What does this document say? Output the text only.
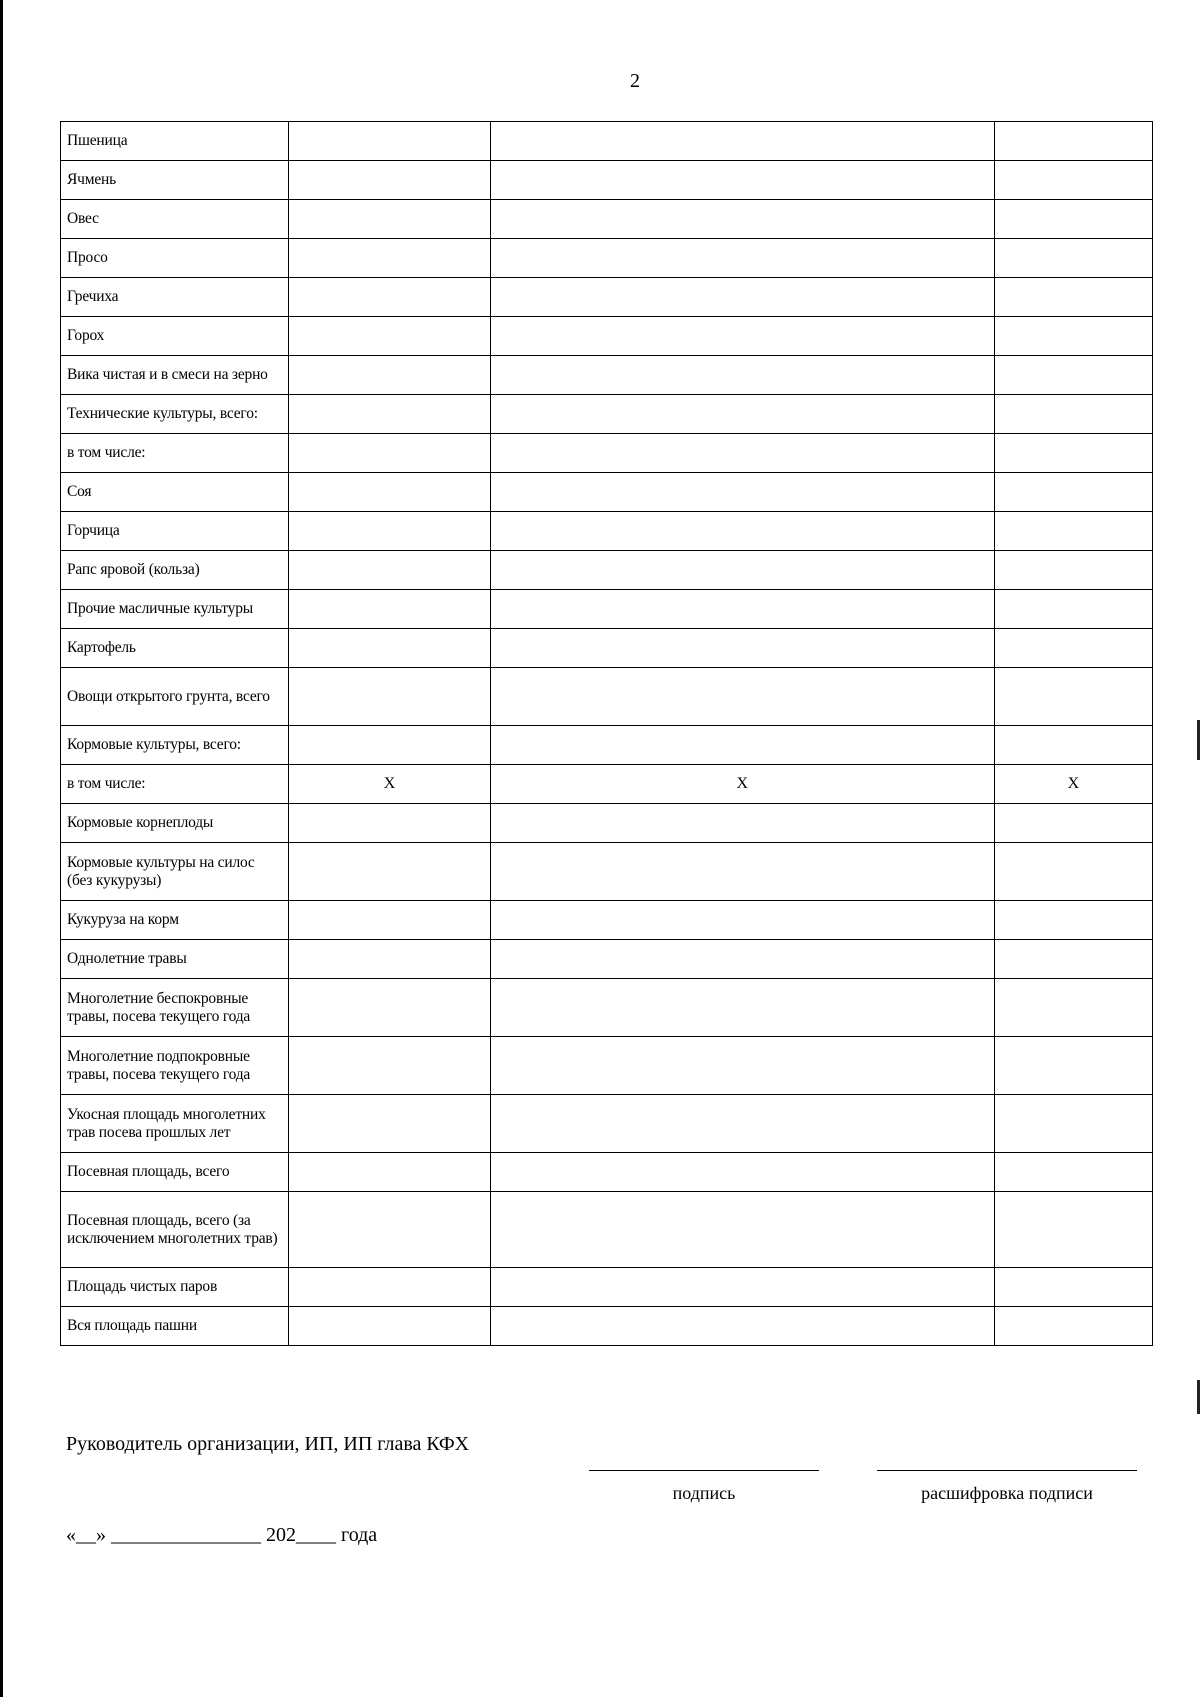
2
Пшеница			
Ячмень			
Овес			
Просо			
Гречиха			
Горох			
Вика чистая и в смеси на зерно			
Технические культуры, всего:			
в том числе:			
Соя			
Горчица			
Рапс яровой (кольза)			
Прочие масличные культуры			
Картофель			
Овощи открытого грунта, всего			
Кормовые культуры, всего:			
в том числе:	X	X	X
Кормовые корнеплоды			
Кормовые культуры на силос (без кукурузы)			
Кукуруза на корм			
Однолетние травы			
Многолетние беспокровные травы, посева текущего года			
Многолетние подпокровные травы, посева текущего года			
Укосная площадь многолетних трав посева прошлых лет			
Посевная площадь, всего			
Посевная площадь, всего (за исключением многолетних трав)			
Площадь чистых паров			
Вся площадь пашни			
Руководитель организации, ИП, ИП глава КФХ
подпись	расшифровка подписи
«__» _______________ 202____ года
